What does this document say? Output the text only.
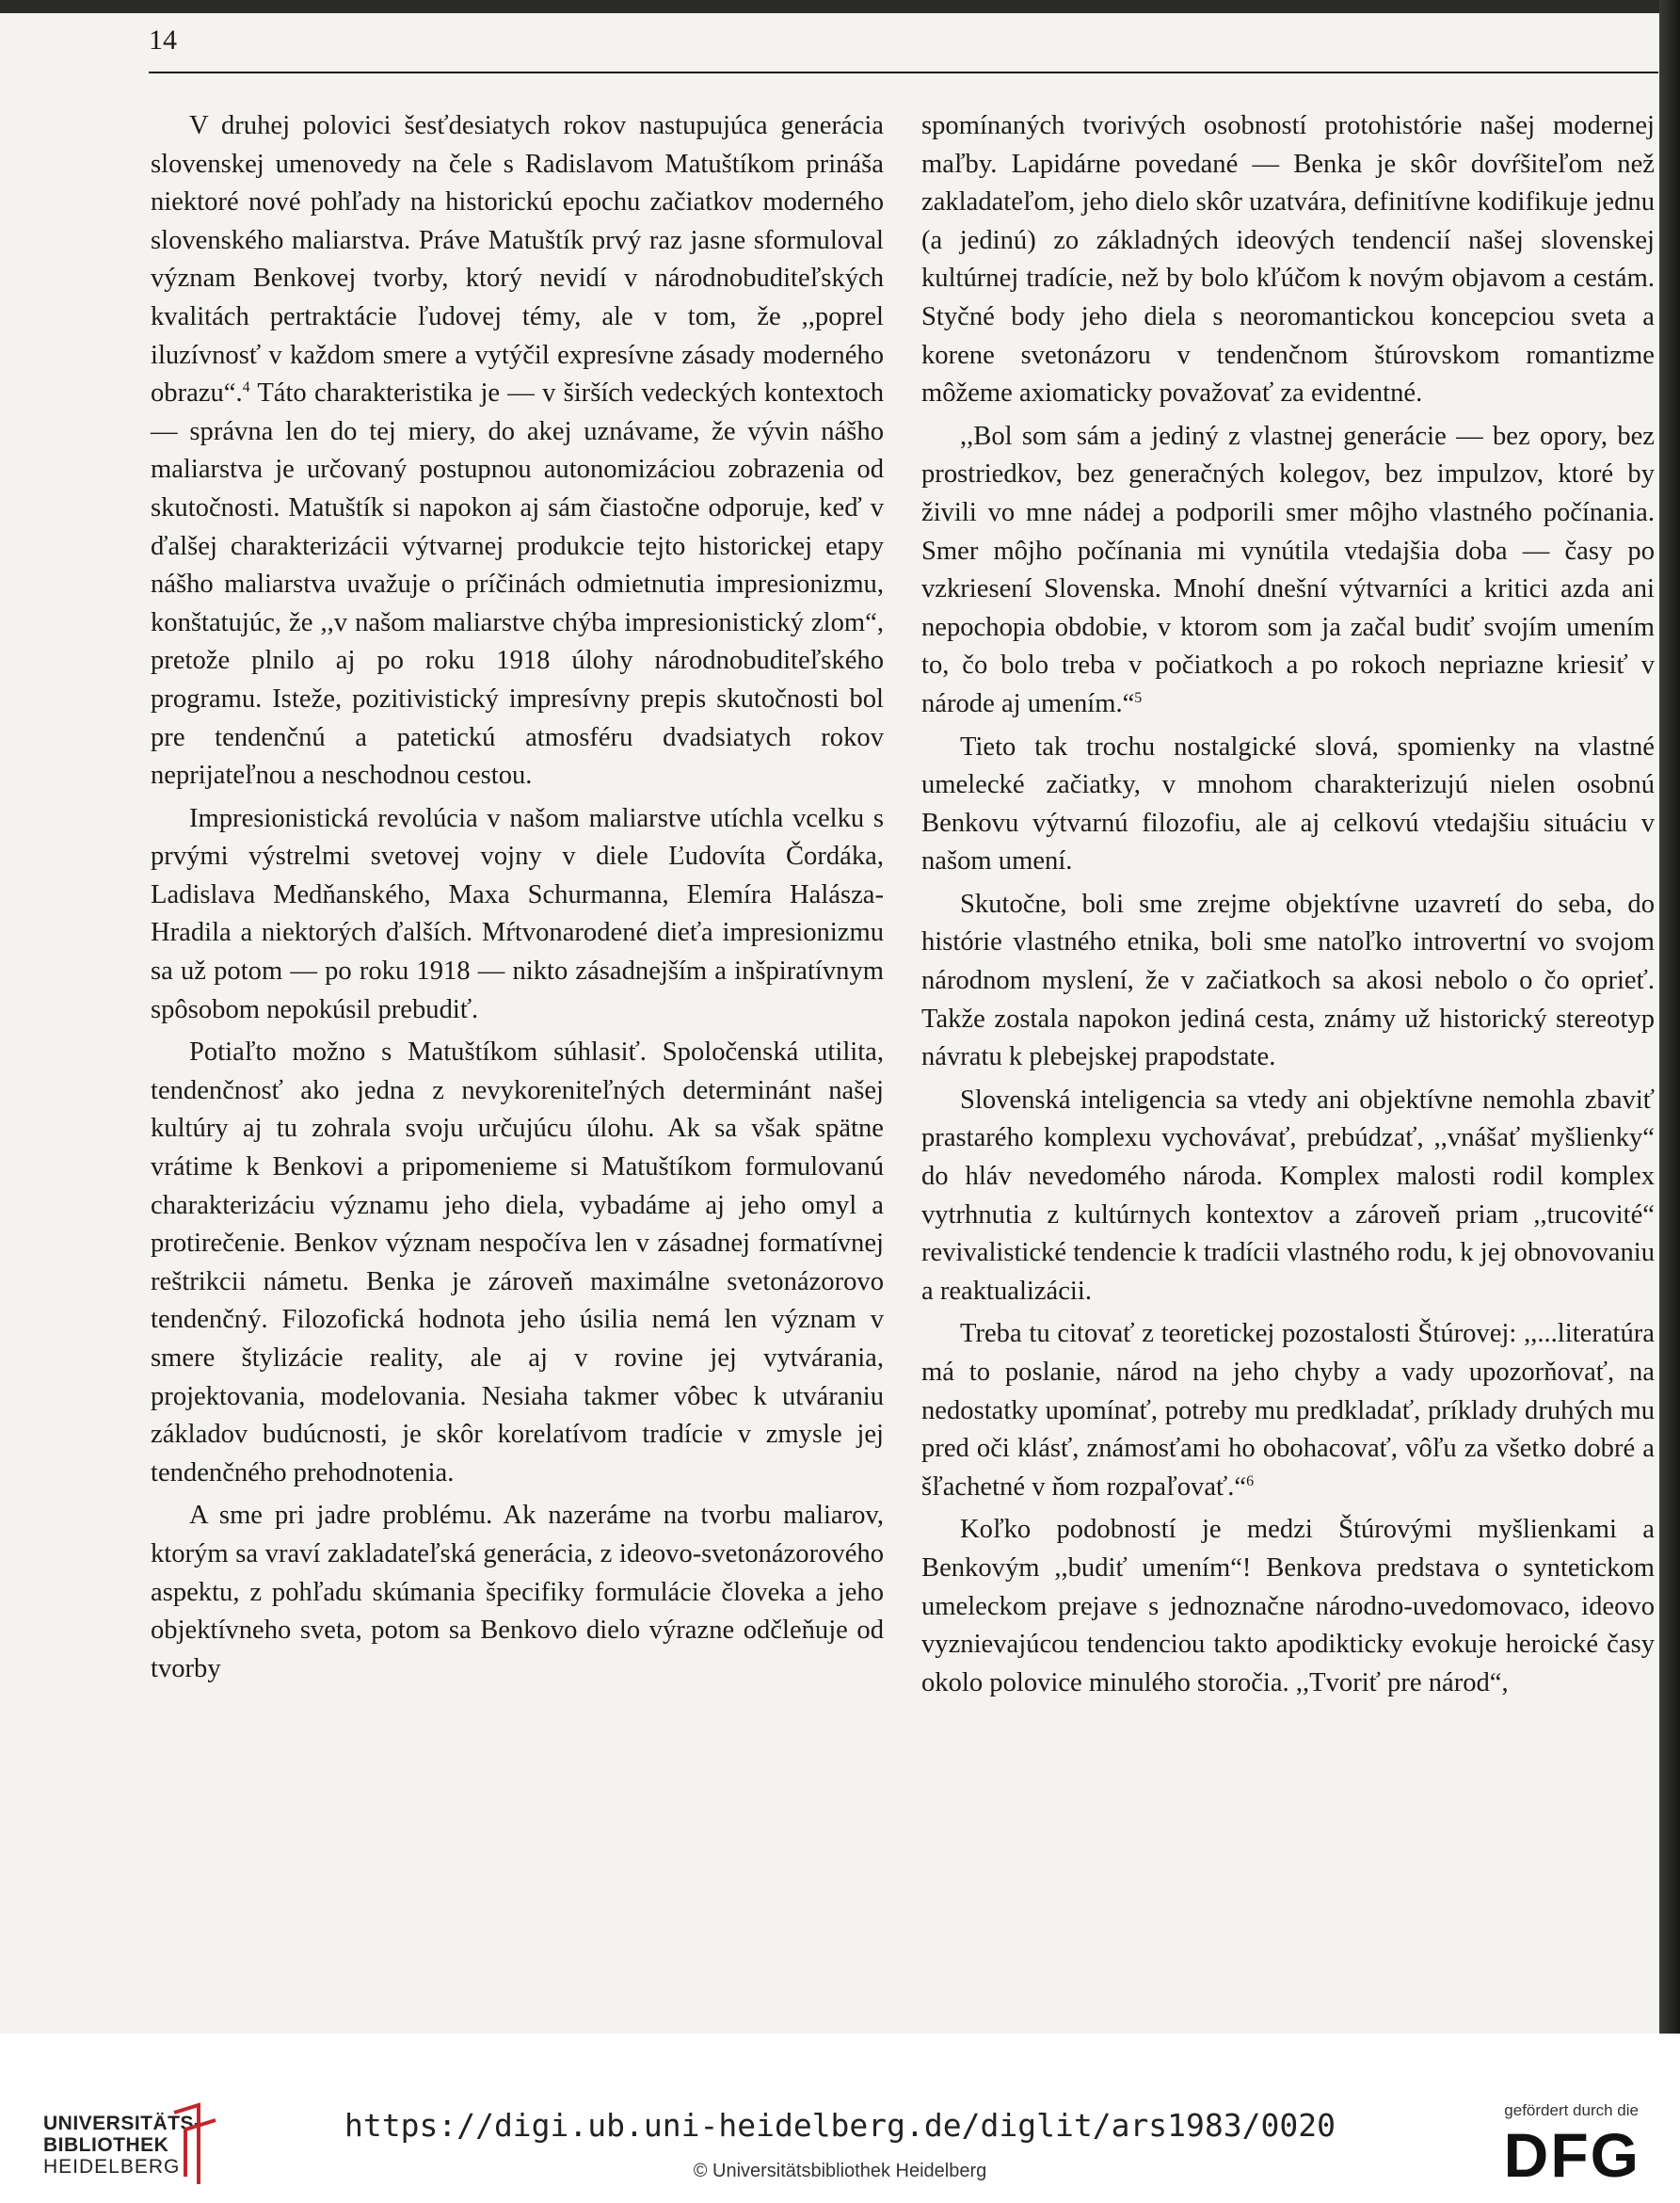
14

V druhej polovici šesťdesiatych rokov nastupujúca generácia slovenskej umenovedy na čele s Radislavom Matuštíkom prináša niektoré nové pohľady na historickú epochu začiatkov moderného slovenského maliarstva. Práve Matuštík prvý raz jasne sformuloval význam Benkovej tvorby, ktorý nevidí v národnobuditeľských kvalitách pertraktácie ľudovej témy, ale v tom, že ,,poprel iluzívnosť v každom smere a vytýčil expresívne zásady moderného obrazu“.$^4$ Táto charakteristika je — v širších vedeckých kontextoch — správna len do tej miery, do akej uznávame, že vývin nášho maliarstva je určovaný postupnou autonomizáciou zobrazenia od skutočnosti. Matuštík si napokon aj sám čiastočne odporuje, keď v ďalšej charakterizácii výtvarnej produkcie tejto historickej etapy nášho maliarstva uvažuje o príčinách odmietnutia impresionizmu, konštatujúc, že ,,v našom maliarstve chýba impresionistický zlom“, pretože plnilo aj po roku 1918 úlohy národnobuditeľského programu. Isteže, pozitivistický impresívny prepis skutočnosti bol pre tendenčnú a patetickú atmosféru dvadsiatych rokov neprijateľnou a neschodnou cestou.

Impresionistická revolúcia v našom maliarstve utíchla vcelku s prvými výstrelmi svetovej vojny v diele Ľudovíta Čordáka, Ladislava Medňanského, Maxa Schurmanna, Elemíra Halásza-Hradila a niektorých ďalších. Mŕtvonarodené dieťa impresionizmu sa už potom — po roku 1918 — nikto zásadnejším a inšpiratívnym spôsobom nepokúsil prebudiť.

Potiaľto možno s Matuštíkom súhlasiť. Spoločenská utilita, tendenčnosť ako jedna z nevykoreniteľných determinánt našej kultúry aj tu zohrala svoju určujúcu úlohu. Ak sa však spätne vrátime k Benkovi a pripomenieme si Matuštíkom formulovanú charakterizáciu významu jeho diela, vybadáme aj jeho omyl a protirečenie. Benkov význam nespočíva len v zásadnej formatívnej reštrikcii námetu. Benka je zároveň maximálne svetonázorovo tendenčný. Filozofická hodnota jeho úsilia nemá len význam v smere štylizácie reality, ale aj v rovine jej vytvárania, projektovania, modelovania. Nesiaha takmer vôbec k utváraniu základov budúcnosti, je skôr korelatívom tradície v zmysle jej tendenčného prehodnotenia.

A sme pri jadre problému. Ak nazeráme na tvorbu maliarov, ktorým sa vraví zakladateľská generácia, z ideovo-svetonázorového aspektu, z pohľadu skúmania špecifiky formulácie človeka a jeho objektívneho sveta, potom sa Benkovo dielo výrazne odčleňuje od tvorby

spomínaných tvorivých osobností protohistórie našej modernej maľby. Lapidárne povedané — Benka je skôr dovŕšiteľom než zakladateľom, jeho dielo skôr uzatvára, definitívne kodifikuje jednu (a jedinú) zo základných ideových tendencií našej slovenskej kultúrnej tradície, než by bolo kľúčom k novým objavom a cestám. Styčné body jeho diela s neoromantickou koncepciou sveta a korene svetonázoru v tendenčnom štúrovskom romantizme môžeme axiomaticky považovať za evidentné.

,,Bol som sám a jediný z vlastnej generácie — bez opory, bez prostriedkov, bez generačných kolegov, bez impulzov, ktoré by živili vo mne nádej a podporili smer môjho vlastného počínania. Smer môjho počínania mi vynútila vtedajšia doba — časy po vzkriesení Slovenska. Mnohí dnešní výtvarníci a kritici azda ani nepochopia obdobie, v ktorom som ja začal budiť svojím umením to, čo bolo treba v počiatkoch a po rokoch nepriazne kriesiť v národe aj umením.“$^5$

Tieto tak trochu nostalgické slová, spomienky na vlastné umelecké začiatky, v mnohom charakterizujú nielen osobnú Benkovu výtvarnú filozofiu, ale aj celkovú vtedajšiu situáciu v našom umení.

Skutočne, boli sme zrejme objektívne uzavretí do seba, do histórie vlastného etnika, boli sme natoľko introvertní vo svojom národnom myslení, že v začiatkoch sa akosi nebolo o čo oprieť. Takže zostala napokon jediná cesta, známy už historický stereotyp návratu k plebejskej prapodstate.

Slovenská inteligencia sa vtedy ani objektívne nemohla zbaviť prastarého komplexu vychovávať, prebúdzať, ,,vnášať myšlienky“ do hláv nevedomého národa. Komplex malosti rodil komplex vytrhnutia z kultúrnych kontextov a zároveň priam ,,trucovité“ revivalistické tendencie k tradícii vlastného rodu, k jej obnovovaniu a reaktualizácii.

Treba tu citovať z teoretickej pozostalosti Štúrovej: ,,...literatúra má to poslanie, národ na jeho chyby a vady upozorňovať, na nedostatky upomínať, potreby mu predkladať, príklady druhých mu pred oči klásť, známosťami ho obohacovať, vôľu za všetko dobré a šľachetné v ňom rozpaľovať.“$^6$

Koľko podobností je medzi Štúrovými myšlienkami a Benkovým ,,budiť umením“! Benkova predstava o syntetickom umeleckom prejave s jednoznačne národno-uvedomovaco, ideovo vyznievajúcou tendenciou takto apodikticky evokuje heroické časy okolo polovice minulého storočia. ,,Tvoriť pre národ“,

UNIVERSITÄTS-
BIBLIOTHEK
HEIDELBERG
https://digi.ub.uni-heidelberg.de/diglit/ars1983/0020
© Universitätsbibliothek Heidelberg
gefördert durch die
DFG
